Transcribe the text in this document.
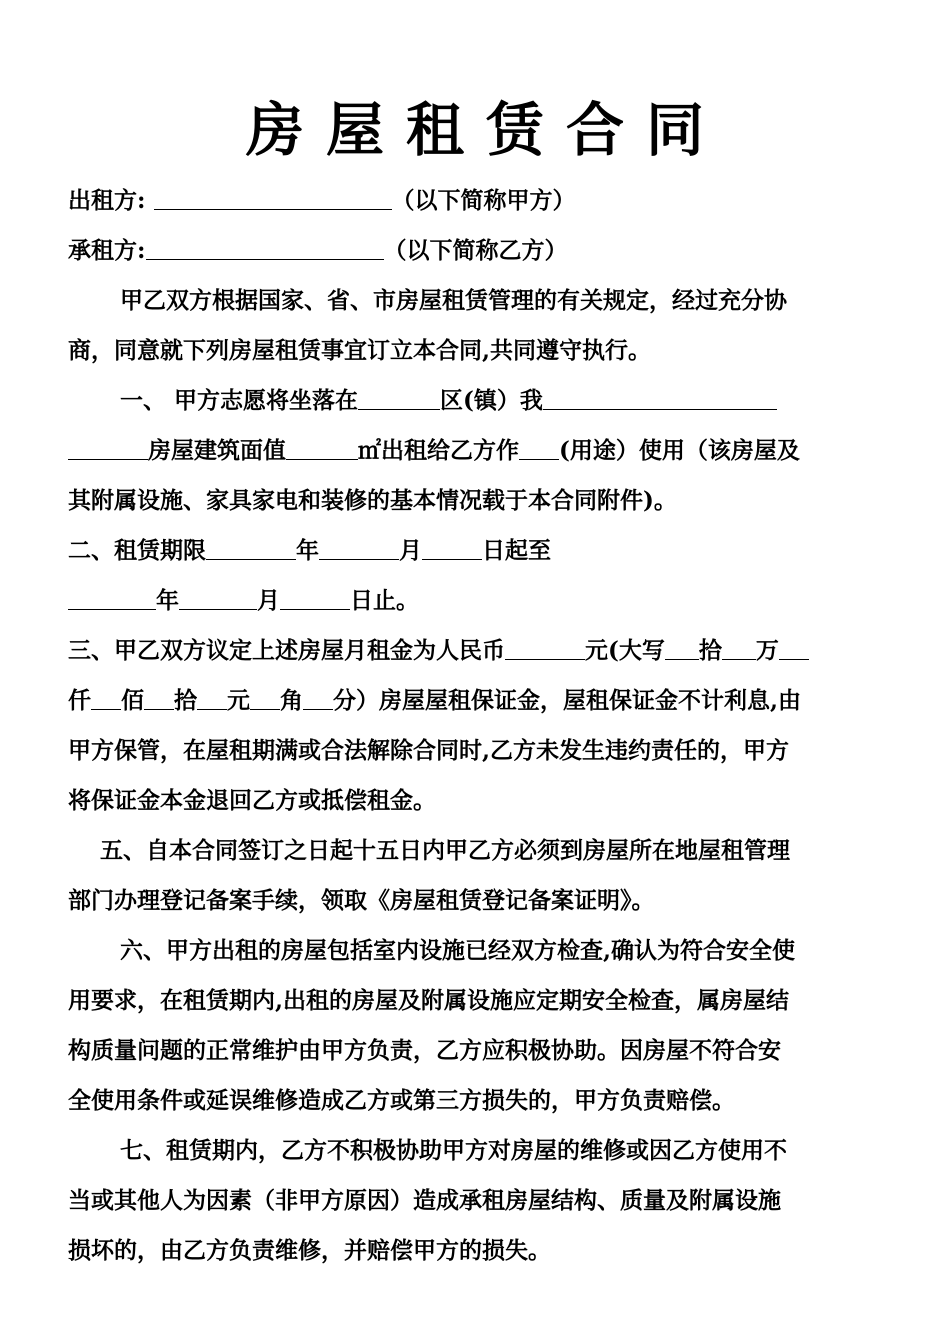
房屋租赁合同
出租方:	（以下简称甲方）
承租方:	（以下简称乙方）
甲乙双方根据国家、省、市房屋租赁管理的有关规定，经过充分协
商，同意就下列房屋租赁事宜订立本合同,共同遵守执行。
一、 甲方志愿将坐落在	区(镇）我
房屋建筑面值	㎡出租给乙方作 (用途）使用（该房屋及
其附属设施、家具家电和装修的基本情况载于本合同附件)。
二、租赁期限	年	月	日起至
年	月	日止。
三、甲乙双方议定上述房屋月租金为人民币	元(大写 拾 万
仟 佰 拾 元 角 分）房屋屋租保证金，屋租保证金不计利息,由
甲方保管，在屋租期满或合法解除合同时,乙方未发生违约责任的，甲方
将保证金本金退回乙方或抵偿租金。
五、自本合同签订之日起十五日内甲乙方必须到房屋所在地屋租管理
部门办理登记备案手续，领取《房屋租赁登记备案证明》。
六、甲方出租的房屋包括室内设施已经双方检查,确认为符合安全使
用要求，在租赁期内,出租的房屋及附属设施应定期安全检查，属房屋结
构质量问题的正常维护由甲方负责，乙方应积极协助。因房屋不符合安
全使用条件或延误维修造成乙方或第三方损失的，甲方负责赔偿。
七、租赁期内，乙方不积极协助甲方对房屋的维修或因乙方使用不
当或其他人为因素（非甲方原因）造成承租房屋结构、质量及附属设施
损坏的，由乙方负责维修，并赔偿甲方的损失。
